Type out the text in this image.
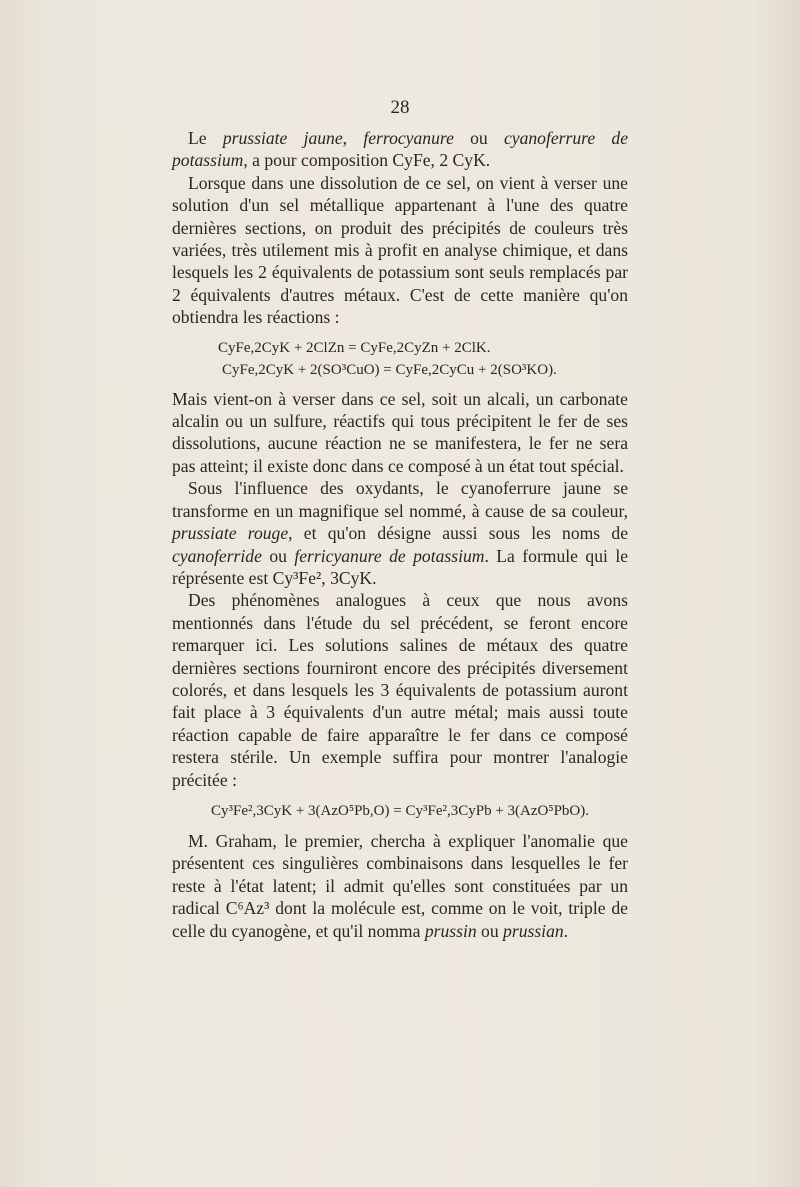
28

Le prussiate jaune, ferrocyanure ou cyanoferrure de potassium, a pour composition CyFe, 2 CyK.

Lorsque dans une dissolution de ce sel, on vient à verser une solution d'un sel métallique appartenant à l'une des quatre dernières sections, on produit des précipités de couleurs très variées, très utilement mis à profit en analyse chimique, et dans lesquels les 2 équivalents de potassium sont seuls remplacés par 2 équivalents d'autres métaux. C'est de cette manière qu'on obtiendra les réactions :

CyFe,2CyK + 2ClZn = CyFe,2CyZn + 2ClK.
CyFe,2CyK + 2(SO³CuO) = CyFe,2CyCu + 2(SO³KO).

Mais vient-on à verser dans ce sel, soit un alcali, un carbonate alcalin ou un sulfure, réactifs qui tous précipitent le fer de ses dissolutions, aucune réaction ne se manifestera, le fer ne sera pas atteint; il existe donc dans ce composé à un état tout spécial.

Sous l'influence des oxydants, le cyanoferrure jaune se transforme en un magnifique sel nommé, à cause de sa couleur, prussiate rouge, et qu'on désigne aussi sous les noms de cyanoferride ou ferricyanure de potassium. La formule qui le réprésente est Cy³Fe², 3CyK.

Des phénomènes analogues à ceux que nous avons mentionnés dans l'étude du sel précédent, se feront encore remarquer ici. Les solutions salines de métaux des quatre dernières sections fourniront encore des précipités diversement colorés, et dans lesquels les 3 équivalents de potassium auront fait place à 3 équivalents d'un autre métal; mais aussi toute réaction capable de faire apparaître le fer dans ce composé restera stérile. Un exemple suffira pour montrer l'analogie précitée :

Cy³Fe²,3CyK + 3(AzO⁵Pb,O) = Cy³Fe²,3CyPb + 3(AzO⁵PbO).

M. Graham, le premier, chercha à expliquer l'anomalie que présentent ces singulières combinaisons dans lesquelles le fer reste à l'état latent; il admit qu'elles sont constituées par un radical C⁶Az³ dont la molécule est, comme on le voit, triple de celle du cyanogène, et qu'il nomma prussin ou prussian.
